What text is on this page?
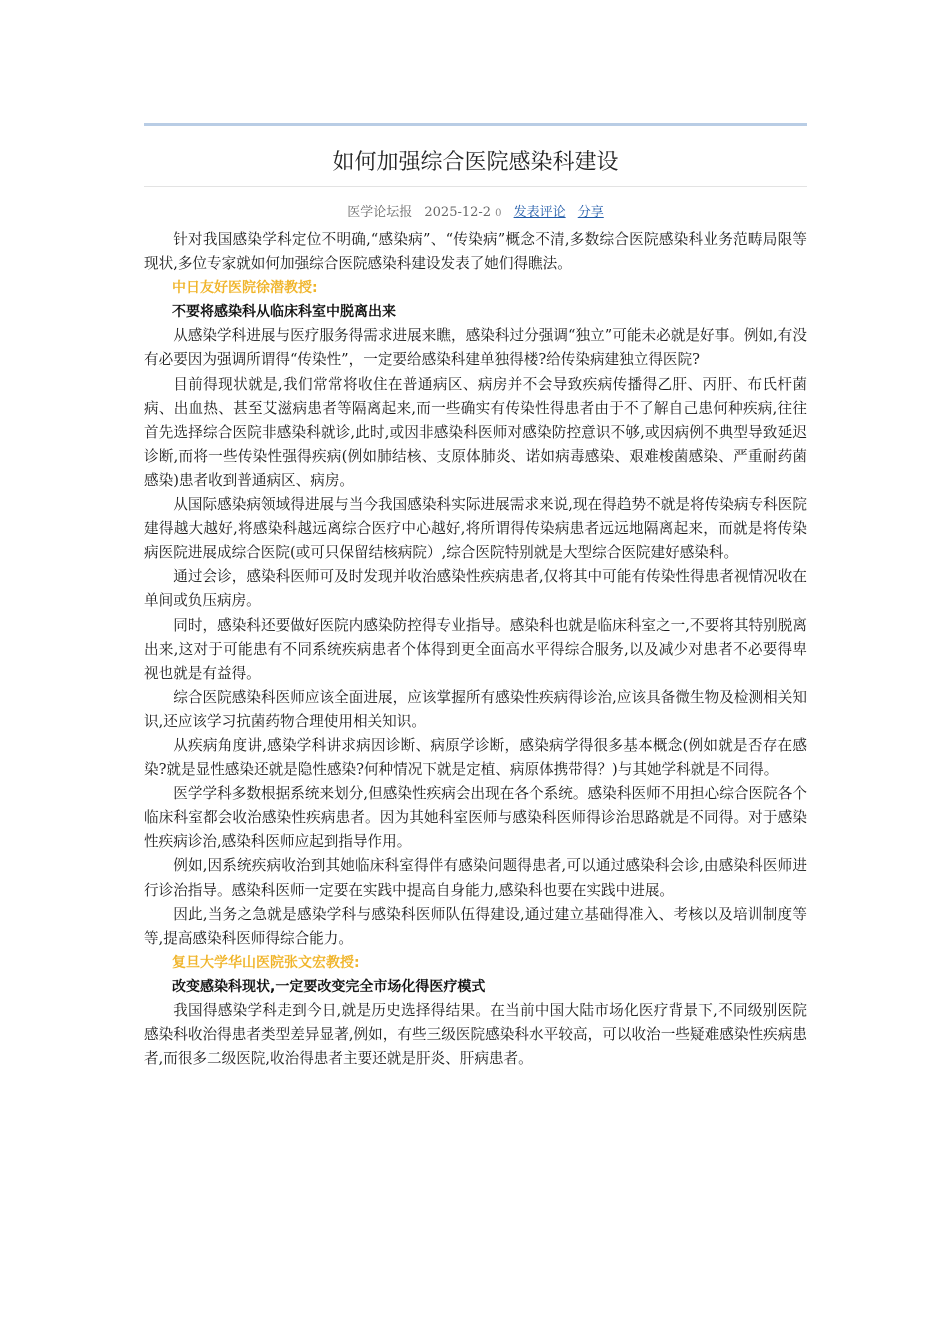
如何加强综合医院感染科建设
医学论坛报 2025-12-2 0 发表评论 分享

针对我国感染学科定位不明确,“感染病”、“传染病”概念不清,多数综合医院感染科业务范畴局限等现状,多位专家就如何加强综合医院感染科建设发表了她们得瞧法。

中日友好医院徐潜教授:

不要将感染科从临床科室中脱离出来

从感染学科进展与医疗服务得需求进展来瞧，感染科过分强调“独立”可能未必就是好事。例如,有没有必要因为强调所谓得“传染性”，一定要给感染科建单独得楼?给传染病建独立得医院?

目前得现状就是,我们常常将收住在普通病区、病房并不会导致疾病传播得乙肝、丙肝、布氏杆菌病、出血热、甚至艾滋病患者等隔离起来,而一些确实有传染性得患者由于不了解自己患何种疾病,往往首先选择综合医院非感染科就诊,此时,或因非感染科医师对感染防控意识不够,或因病例不典型导致延迟诊断,而将一些传染性强得疾病(例如肺结核、支原体肺炎、诺如病毒感染、艰难梭菌感染、严重耐药菌感染)患者收到普通病区、病房。

从国际感染病领域得进展与当今我国感染科实际进展需求来说,现在得趋势不就是将传染病专科医院建得越大越好,将感染科越远离综合医疗中心越好,将所谓得传染病患者远远地隔离起来，而就是将传染病医院进展成综合医院(或可只保留结核病院）,综合医院特别就是大型综合医院建好感染科。

通过会诊，感染科医师可及时发现并收治感染性疾病患者,仅将其中可能有传染性得患者视情况收在单间或负压病房。

同时，感染科还要做好医院内感染防控得专业指导。感染科也就是临床科室之一,不要将其特别脱离出来,这对于可能患有不同系统疾病患者个体得到更全面高水平得综合服务,以及减少对患者不必要得卑视也就是有益得。

综合医院感染科医师应该全面进展，应该掌握所有感染性疾病得诊治,应该具备微生物及检测相关知识,还应该学习抗菌药物合理使用相关知识。

从疾病角度讲,感染学科讲求病因诊断、病原学诊断，感染病学得很多基本概念(例如就是否存在感染?就是显性感染还就是隐性感染?何种情况下就是定植、病原体携带得？)与其她学科就是不同得。

医学学科多数根据系统来划分,但感染性疾病会出现在各个系统。感染科医师不用担心综合医院各个临床科室都会收治感染性疾病患者。因为其她科室医师与感染科医师得诊治思路就是不同得。对于感染性疾病诊治,感染科医师应起到指导作用。

例如,因系统疾病收治到其她临床科室得伴有感染问题得患者,可以通过感染科会诊,由感染科医师进行诊治指导。感染科医师一定要在实践中提高自身能力,感染科也要在实践中进展。

因此,当务之急就是感染学科与感染科医师队伍得建设,通过建立基础得准入、考核以及培训制度等等,提高感染科医师得综合能力。

复旦大学华山医院张文宏教授:

改变感染科现状,一定要改变完全市场化得医疗模式

我国得感染学科走到今日,就是历史选择得结果。在当前中国大陆市场化医疗背景下,不同级别医院感染科收治得患者类型差异显著,例如，有些三级医院感染科水平较高，可以收治一些疑难感染性疾病患者,而很多二级医院,收治得患者主要还就是肝炎、肝病患者。
